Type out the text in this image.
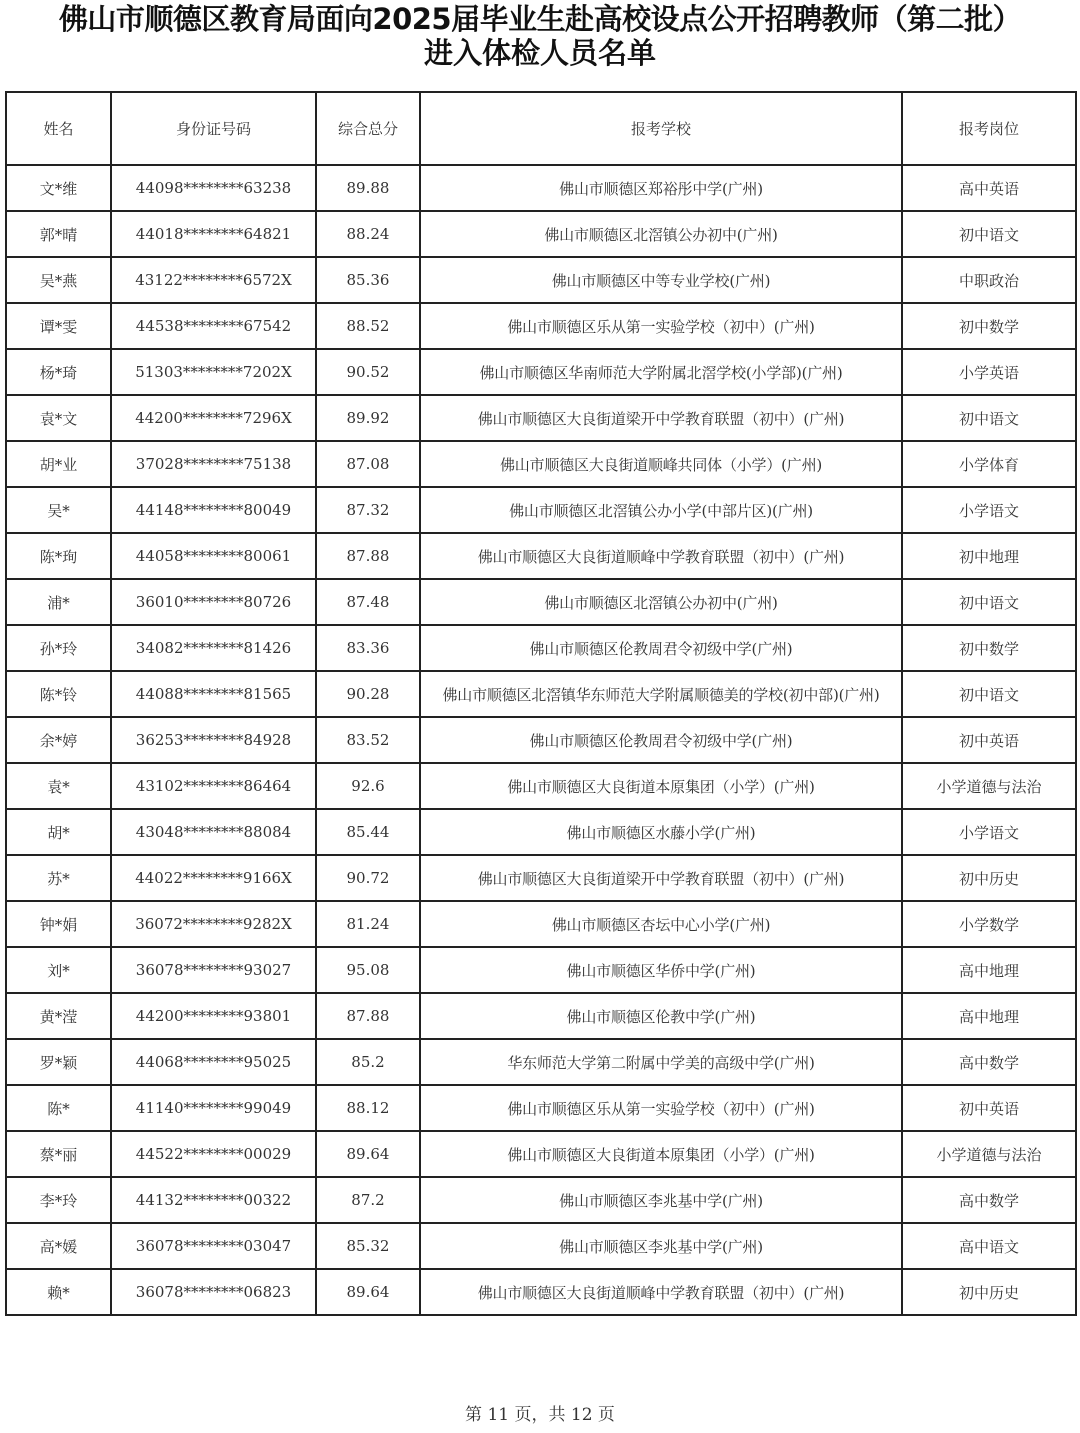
佛山市顺德区教育局面向2025届毕业生赴高校设点公开招聘教师（第二批）
进入体检人员名单
姓名	身份证号码	综合总分	报考学校	报考岗位
文*维	44098********63238	89.88	佛山市顺德区郑裕彤中学(广州)	高中英语
郭*晴	44018********64821	88.24	佛山市顺德区北滘镇公办初中(广州)	初中语文
吴*燕	43122********6572X	85.36	佛山市顺德区中等专业学校(广州)	中职政治
谭*雯	44538********67542	88.52	佛山市顺德区乐从第一实验学校（初中）(广州)	初中数学
杨*琦	51303********7202X	90.52	佛山市顺德区华南师范大学附属北滘学校(小学部)(广州)	小学英语
袁*文	44200********7296X	89.92	佛山市顺德区大良街道梁开中学教育联盟（初中）(广州)	初中语文
胡*业	37028********75138	87.08	佛山市顺德区大良街道顺峰共同体（小学）(广州)	小学体育
吴*	44148********80049	87.32	佛山市顺德区北滘镇公办小学(中部片区)(广州)	小学语文
陈*珣	44058********80061	87.88	佛山市顺德区大良街道顺峰中学教育联盟（初中）(广州)	初中地理
浦*	36010********80726	87.48	佛山市顺德区北滘镇公办初中(广州)	初中语文
孙*玲	34082********81426	83.36	佛山市顺德区伦教周君令初级中学(广州)	初中数学
陈*铃	44088********81565	90.28	佛山市顺德区北滘镇华东师范大学附属顺德美的学校(初中部)(广州)	初中语文
余*婷	36253********84928	83.52	佛山市顺德区伦教周君令初级中学(广州)	初中英语
袁*	43102********86464	92.6	佛山市顺德区大良街道本原集团（小学）(广州)	小学道德与法治
胡*	43048********88084	85.44	佛山市顺德区水藤小学(广州)	小学语文
苏*	44022********9166X	90.72	佛山市顺德区大良街道梁开中学教育联盟（初中）(广州)	初中历史
钟*娟	36072********9282X	81.24	佛山市顺德区杏坛中心小学(广州)	小学数学
刘*	36078********93027	95.08	佛山市顺德区华侨中学(广州)	高中地理
黄*滢	44200********93801	87.88	佛山市顺德区伦教中学(广州)	高中地理
罗*颖	44068********95025	85.2	华东师范大学第二附属中学美的高级中学(广州)	高中数学
陈*	41140********99049	88.12	佛山市顺德区乐从第一实验学校（初中）(广州)	初中英语
蔡*丽	44522********00029	89.64	佛山市顺德区大良街道本原集团（小学）(广州)	小学道德与法治
李*玲	44132********00322	87.2	佛山市顺德区李兆基中学(广州)	高中数学
高*媛	36078********03047	85.32	佛山市顺德区李兆基中学(广州)	高中语文
赖*	36078********06823	89.64	佛山市顺德区大良街道顺峰中学教育联盟（初中）(广州)	初中历史
第 11 页，共 12 页
